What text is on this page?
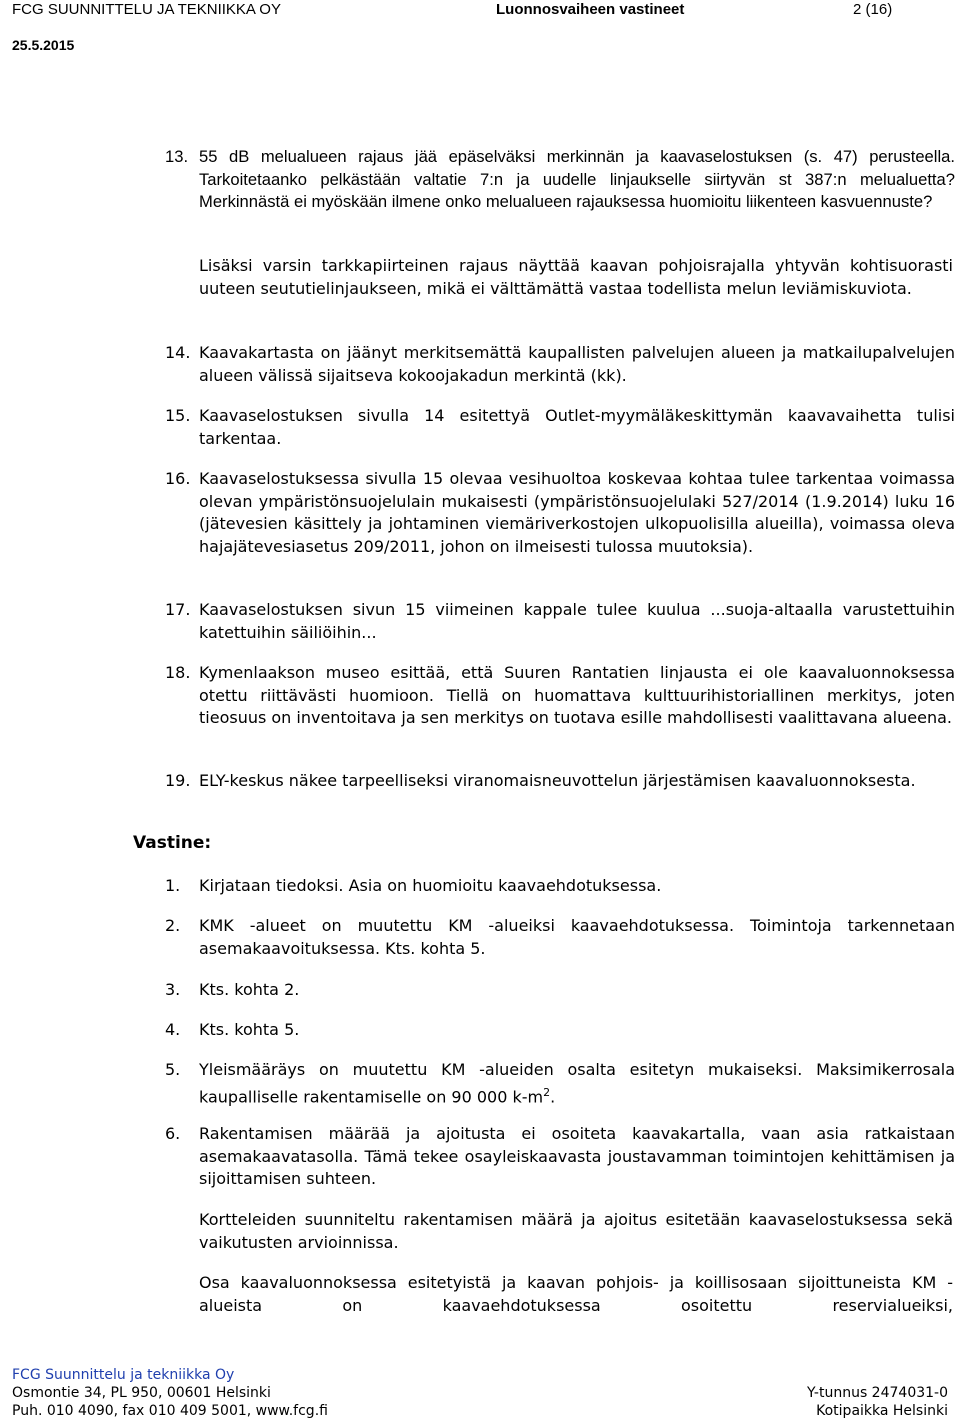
FCG SUUNNITTELU JA TEKNIIKKA OY	Luonnosvaiheen vastineet	2 (16)
25.5.2015
13. 55 dB melualueen rajaus jää epäselväksi merkinnän ja kaavaselostuksen (s. 47) perusteella. Tarkoitetaanko pelkästään valtatie 7:n ja uudelle linjaukselle siirtyvän st 387:n melualuetta? Merkinnästä ei myöskään ilmene onko melualueen rajauksessa huomioitu liikenteen kasvuennuste?
Lisäksi varsin tarkkapiirteinen rajaus näyttää kaavan pohjoisrajalla yhtyvän kohtisuorasti uuteen seututielinjaukseen, mikä ei välttämättä vastaa todellista melun leviämiskuviota.
14. Kaavakartasta on jäänyt merkitsemättä kaupallisten palvelujen alueen ja matkailupalvelujen alueen välissä sijaitseva kokoojakadun merkintä (kk).
15. Kaavaselostuksen sivulla 14 esitettyä Outlet-myymäläkeskittymän kaavavaihetta tulisi tarkentaa.
16. Kaavaselostuksessa sivulla 15 olevaa vesihuoltoa koskevaa kohtaa tulee tarkentaa voimassa olevan ympäristönsuojelulain mukaisesti (ympäristönsuojelulaki 527/2014 (1.9.2014) luku 16 (jätevesien käsittely ja johtaminen viemäriverkostojen ulkopuolisilla alueilla), voimassa oleva hajajätevesiasetus 209/2011, johon on ilmeisesti tulossa muutoksia).
17. Kaavaselostuksen sivun 15 viimeinen kappale tulee kuulua ...suoja-altaalla varustettuihin katettuihin säiliöihin...
18. Kymenlaakson museo esittää, että Suuren Rantatien linjausta ei ole kaavaluonnoksessa otettu riittävästi huomioon. Tiellä on huomattava kulttuurihistoriallinen merkitys, joten tieosuus on inventoitava ja sen merkitys on tuotava esille mahdollisesti vaalittavana alueena.
19. ELY-keskus näkee tarpeelliseksi viranomaisneuvottelun järjestämisen kaavaluonnoksesta.
Vastine:
1.	Kirjataan tiedoksi. Asia on huomioitu kaavaehdotuksessa.
2.	KMK -alueet on muutettu KM -alueiksi kaavaehdotuksessa. Toimintoja tarkennetaan asemakaavoituksessa. Kts. kohta 5.
3.	Kts. kohta 2.
4.	Kts. kohta 5.
5.	Yleismääräys on muutettu KM -alueiden osalta esitetyn mukaiseksi. Maksimikerrosala kaupalliselle rakentamiselle on 90 000 $k-m^2$.
6.	Rakentamisen määrää ja ajoitusta ei osoiteta kaavakartalla, vaan asia ratkaistaan asemakaavatasolla. Tämä tekee osayleiskaavasta joustavamman toimintojen kehittämisen ja sijoittamisen suhteen.
Kortteleiden suunniteltu rakentamisen määrä ja ajoitus esitetään kaavaselostuksessa sekä vaikutusten arvioinnissa.
Osa kaavaluonnoksessa esitetyistä ja kaavan pohjois- ja koillisosaan sijoittuneista KM -alueista on kaavaehdotuksessa osoitettu reservialueiksi,
FCG Suunnittelu ja tekniikka Oy
Osmontie 34, PL 950, 00601 Helsinki
Puh. 010 4090, fax 010 409 5001, www.fcg.fi
Y-tunnus 2474031-0
Kotipaikka Helsinki
